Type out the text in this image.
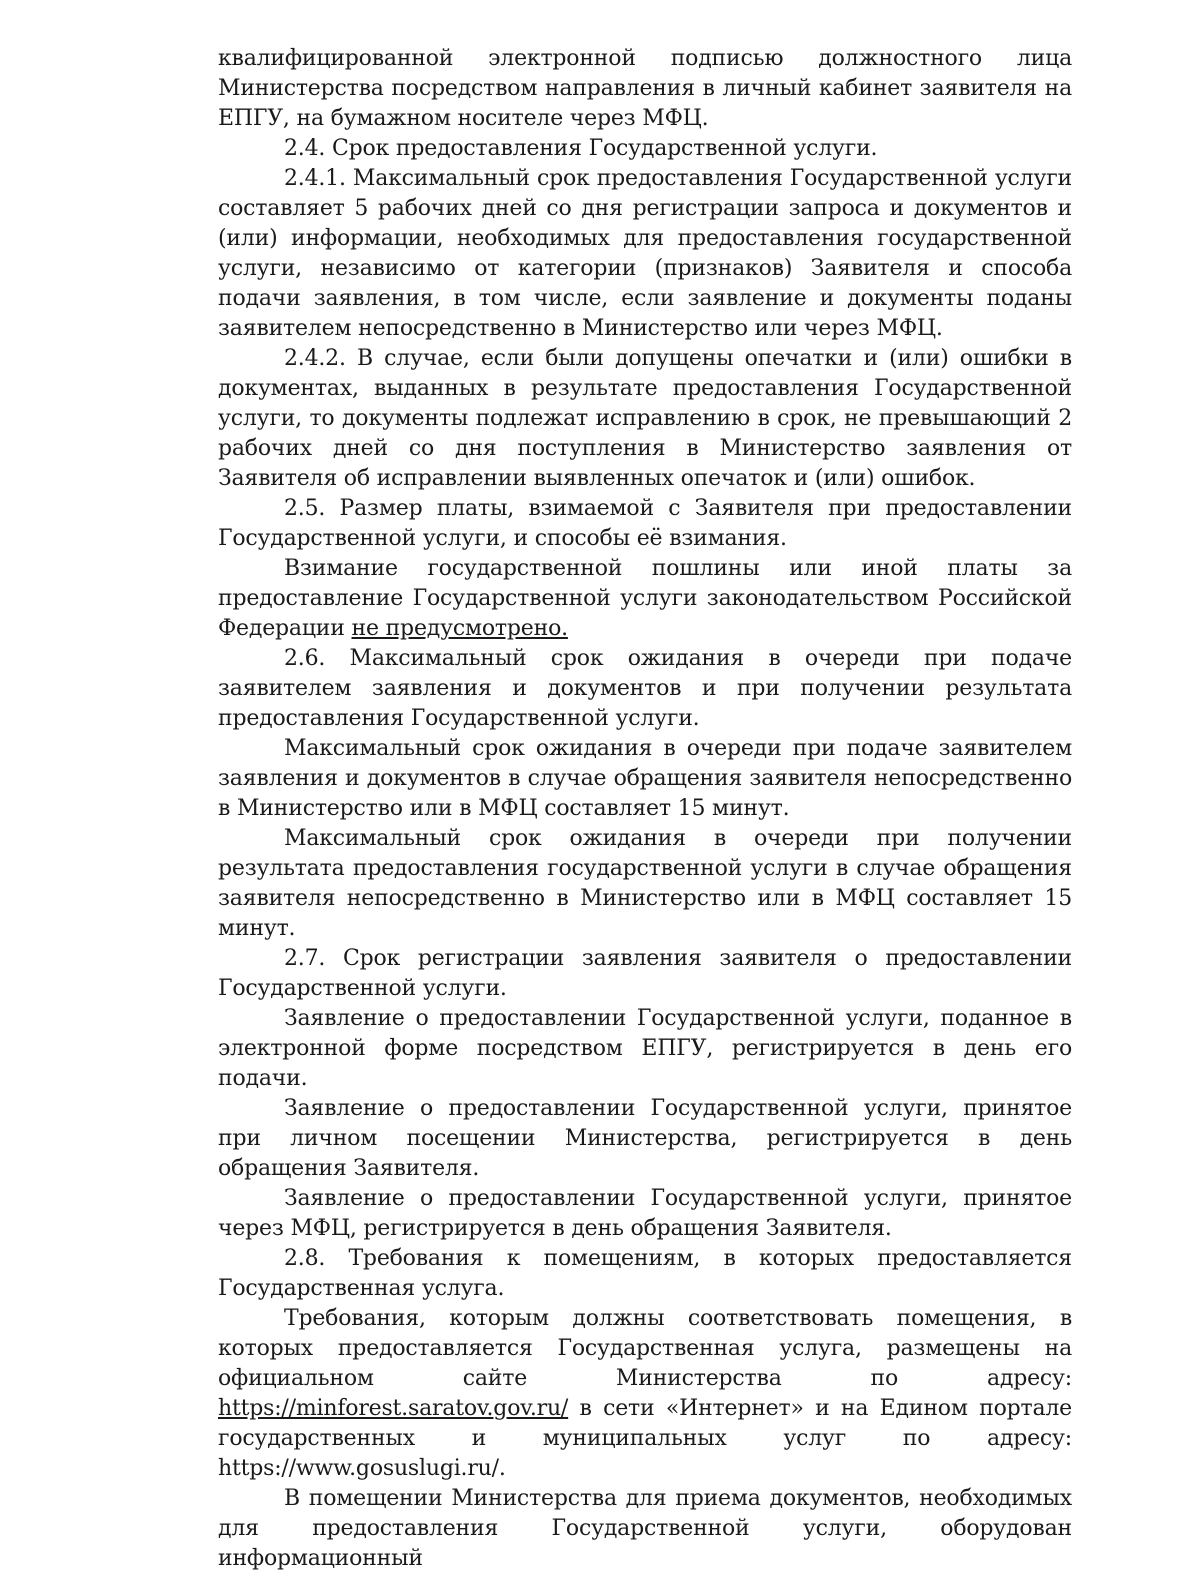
квалифицированной электронной подписью должностного лица Министерства посредством направления в личный кабинет заявителя на ЕПГУ, на бумажном носителе через МФЦ.

2.4. Срок предоставления Государственной услуги.

2.4.1. Максимальный срок предоставления Государственной услуги составляет 5 рабочих дней со дня регистрации запроса и документов и (или) информации, необходимых для предоставления государственной услуги, независимо от категории (признаков) Заявителя и способа подачи заявления, в том числе, если заявление и документы поданы заявителем непосредственно в Министерство или через МФЦ.

2.4.2. В случае, если были допущены опечатки и (или) ошибки в документах, выданных в результате предоставления Государственной услуги, то документы подлежат исправлению в срок, не превышающий 2 рабочих дней со дня поступления в Министерство заявления от Заявителя об исправлении выявленных опечаток и (или) ошибок.

2.5. Размер платы, взимаемой с Заявителя при предоставлении Государственной услуги, и способы её взимания.

Взимание государственной пошлины или иной платы за предоставление Государственной услуги законодательством Российской Федерации не предусмотрено.

2.6. Максимальный срок ожидания в очереди при подаче заявителем заявления и документов и при получении результата предоставления Государственной услуги.

Максимальный срок ожидания в очереди при подаче заявителем заявления и документов в случае обращения заявителя непосредственно в Министерство или в МФЦ составляет 15 минут.

Максимальный срок ожидания в очереди при получении результата предоставления государственной услуги в случае обращения заявителя непосредственно в Министерство или в МФЦ составляет 15 минут.

2.7. Срок регистрации заявления заявителя о предоставлении Государственной услуги.

Заявление о предоставлении Государственной услуги, поданное в электронной форме посредством ЕПГУ, регистрируется в день его подачи.

Заявление о предоставлении Государственной услуги, принятое при личном посещении Министерства, регистрируется в день обращения Заявителя.

Заявление о предоставлении Государственной услуги, принятое через МФЦ, регистрируется в день обращения Заявителя.

2.8. Требования к помещениям, в которых предоставляется Государственная услуга.

Требования, которым должны соответствовать помещения, в которых предоставляется Государственная услуга, размещены на официальном сайте Министерства по адресу: https://minforest.saratov.gov.ru/ в сети «Интернет» и на Едином портале государственных и муниципальных услуг по адресу: https://www.gosuslugi.ru/.

В помещении Министерства для приема документов, необходимых для предоставления Государственной услуги, оборудован информационный
